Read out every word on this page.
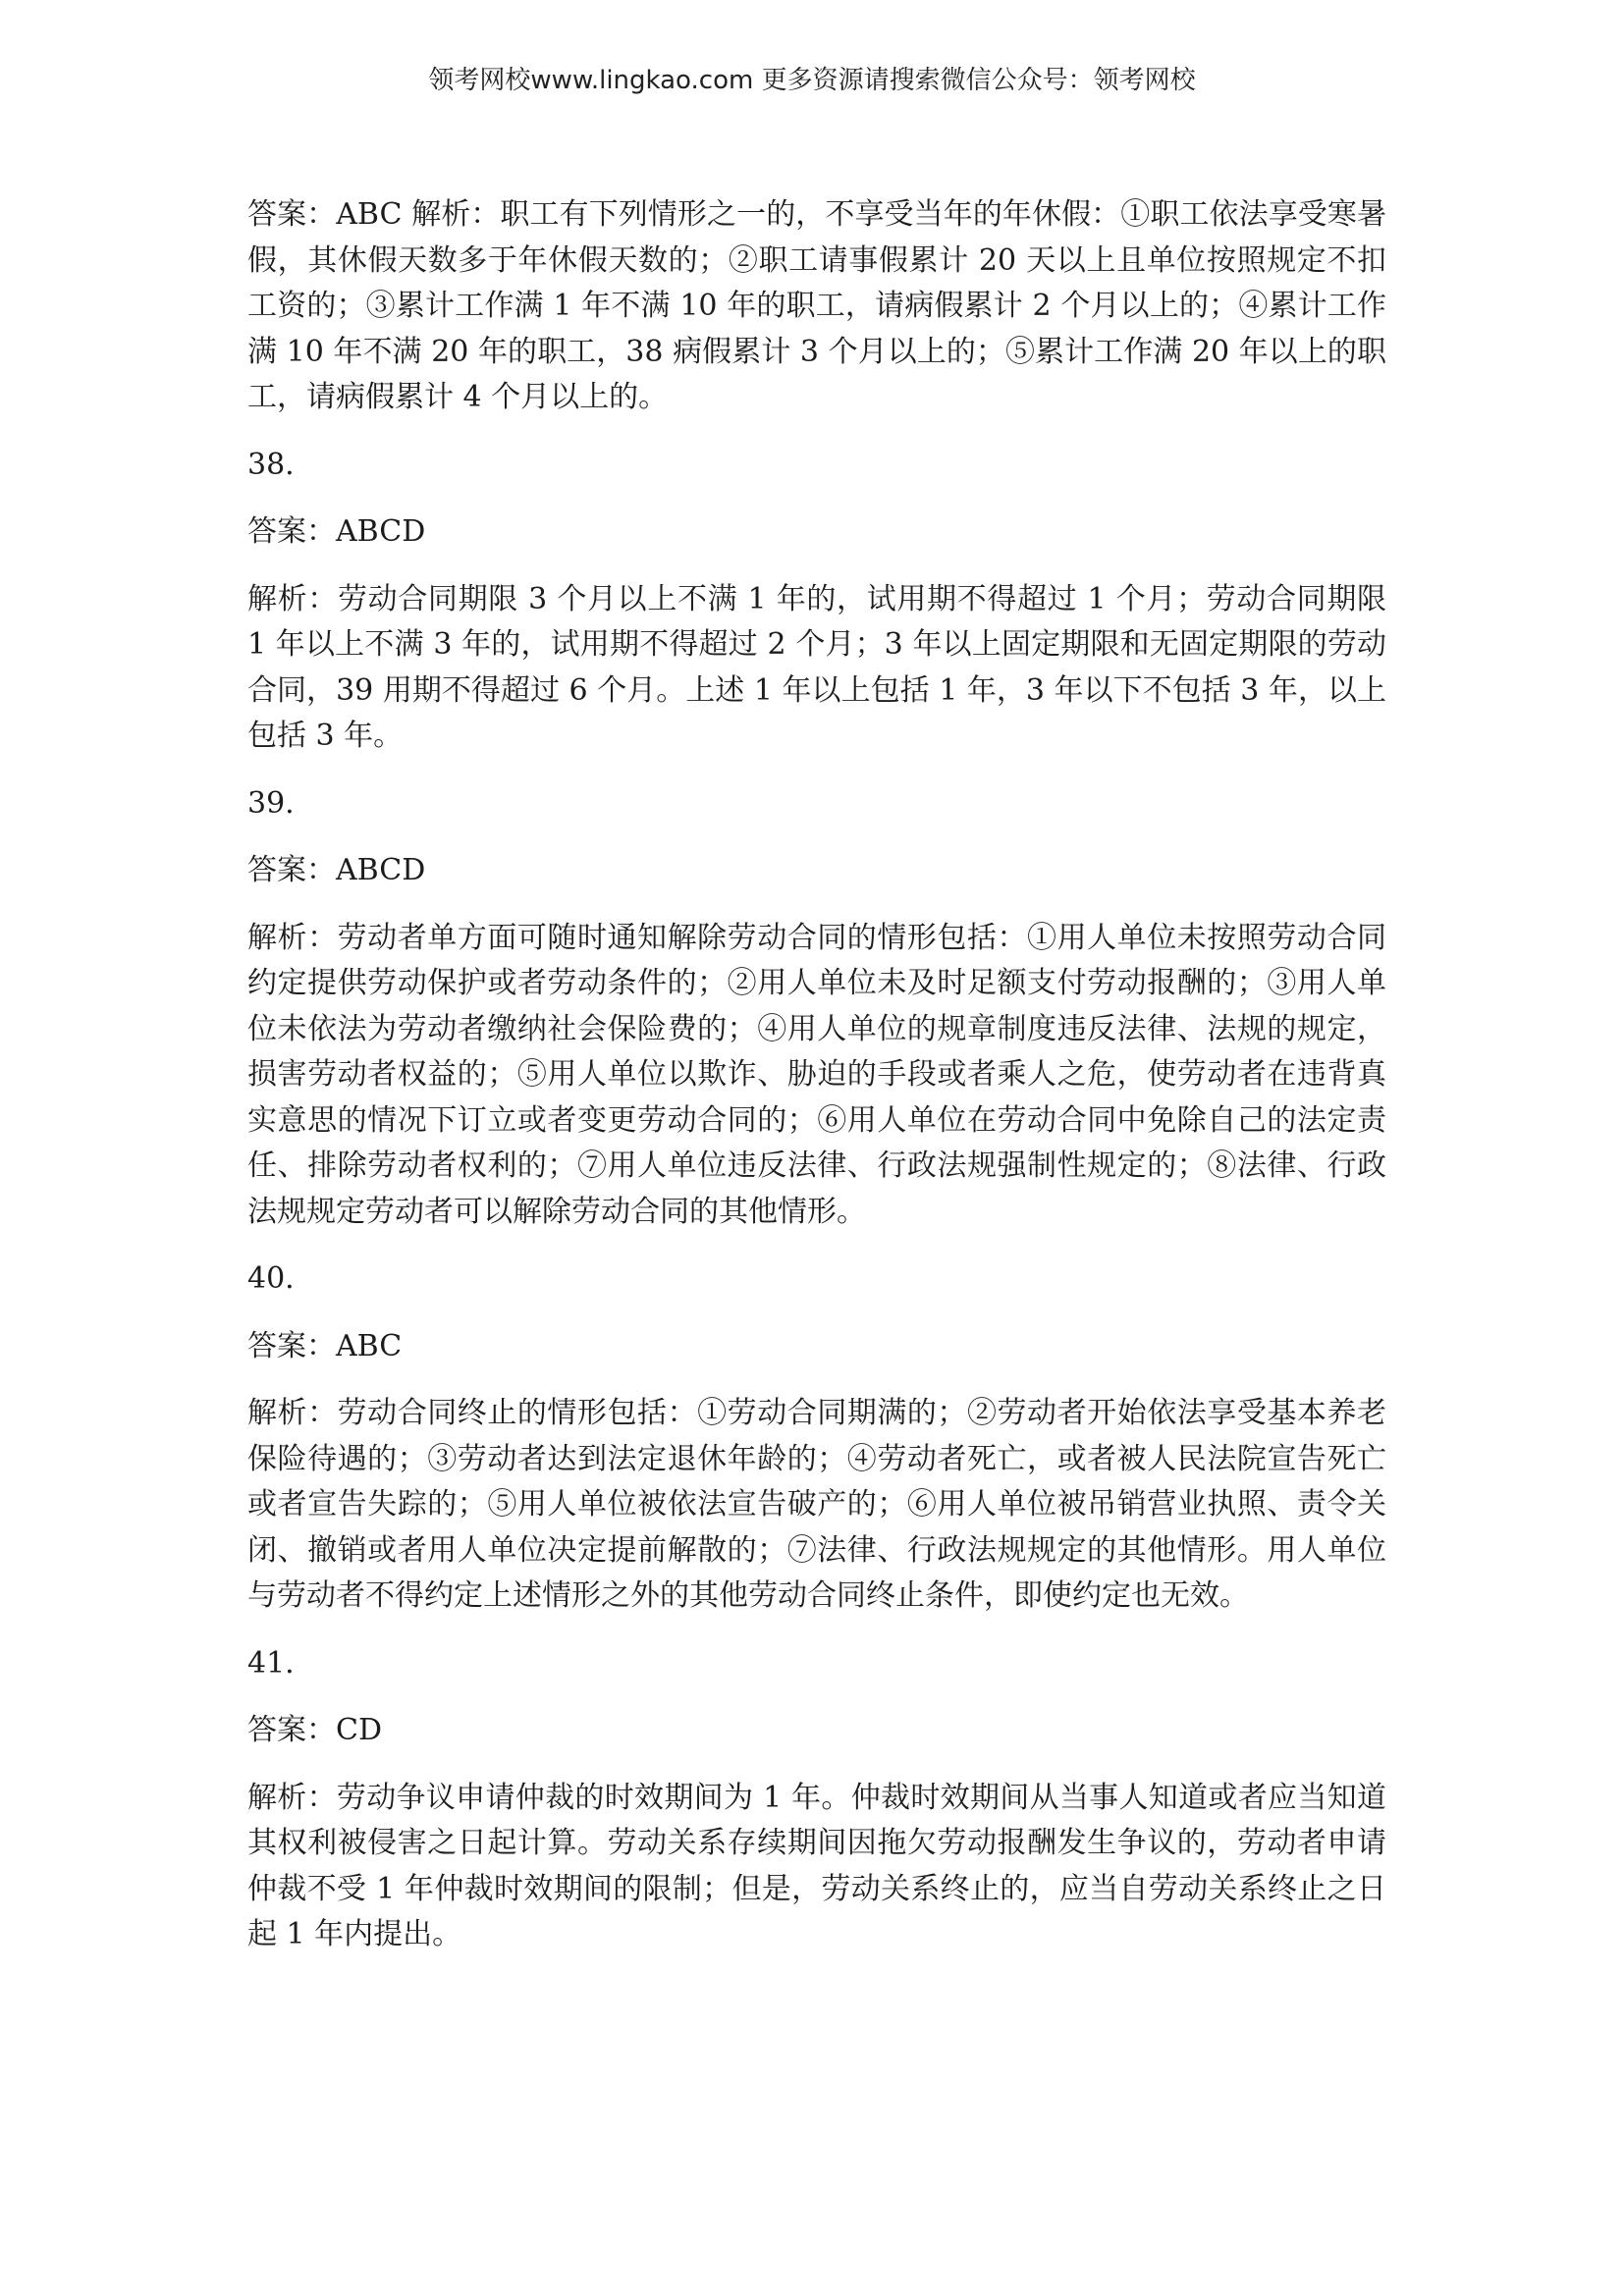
领考网校www.lingkao.com 更多资源请搜索微信公众号：领考网校

答案：ABC 解析：职工有下列情形之一的，不享受当年的年休假：①职工依法享受寒暑假，其休假天数多于年休假天数的；②职工请事假累计 20 天以上且单位按照规定不扣工资的；③累计工作满 1 年不满 10 年的职工，请病假累计 2 个月以上的；④累计工作满 10 年不满 20 年的职工，38 病假累计 3 个月以上的；⑤累计工作满 20 年以上的职工，请病假累计 4 个月以上的。

38.

答案：ABCD

解析：劳动合同期限 3 个月以上不满 1 年的，试用期不得超过 1 个月；劳动合同期限 1 年以上不满 3 年的，试用期不得超过 2 个月；3 年以上固定期限和无固定期限的劳动合同，39 用期不得超过 6 个月。上述 1 年以上包括 1 年，3 年以下不包括 3 年，以上包括 3 年。

39.

答案：ABCD

解析：劳动者单方面可随时通知解除劳动合同的情形包括：①用人单位未按照劳动合同约定提供劳动保护或者劳动条件的；②用人单位未及时足额支付劳动报酬的；③用人单位未依法为劳动者缴纳社会保险费的；④用人单位的规章制度违反法律、法规的规定，损害劳动者权益的；⑤用人单位以欺诈、胁迫的手段或者乘人之危，使劳动者在违背真实意思的情况下订立或者变更劳动合同的；⑥用人单位在劳动合同中免除自己的法定责任、排除劳动者权利的；⑦用人单位违反法律、行政法规强制性规定的；⑧法律、行政法规规定劳动者可以解除劳动合同的其他情形。

40.

答案：ABC

解析：劳动合同终止的情形包括：①劳动合同期满的；②劳动者开始依法享受基本养老保险待遇的；③劳动者达到法定退休年龄的；④劳动者死亡，或者被人民法院宣告死亡或者宣告失踪的；⑤用人单位被依法宣告破产的；⑥用人单位被吊销营业执照、责令关闭、撤销或者用人单位决定提前解散的；⑦法律、行政法规规定的其他情形。用人单位与劳动者不得约定上述情形之外的其他劳动合同终止条件，即使约定也无效。

41.

答案：CD

解析：劳动争议申请仲裁的时效期间为 1 年。仲裁时效期间从当事人知道或者应当知道其权利被侵害之日起计算。劳动关系存续期间因拖欠劳动报酬发生争议的，劳动者申请仲裁不受 1 年仲裁时效期间的限制；但是，劳动关系终止的，应当自劳动关系终止之日起 1 年内提出。
